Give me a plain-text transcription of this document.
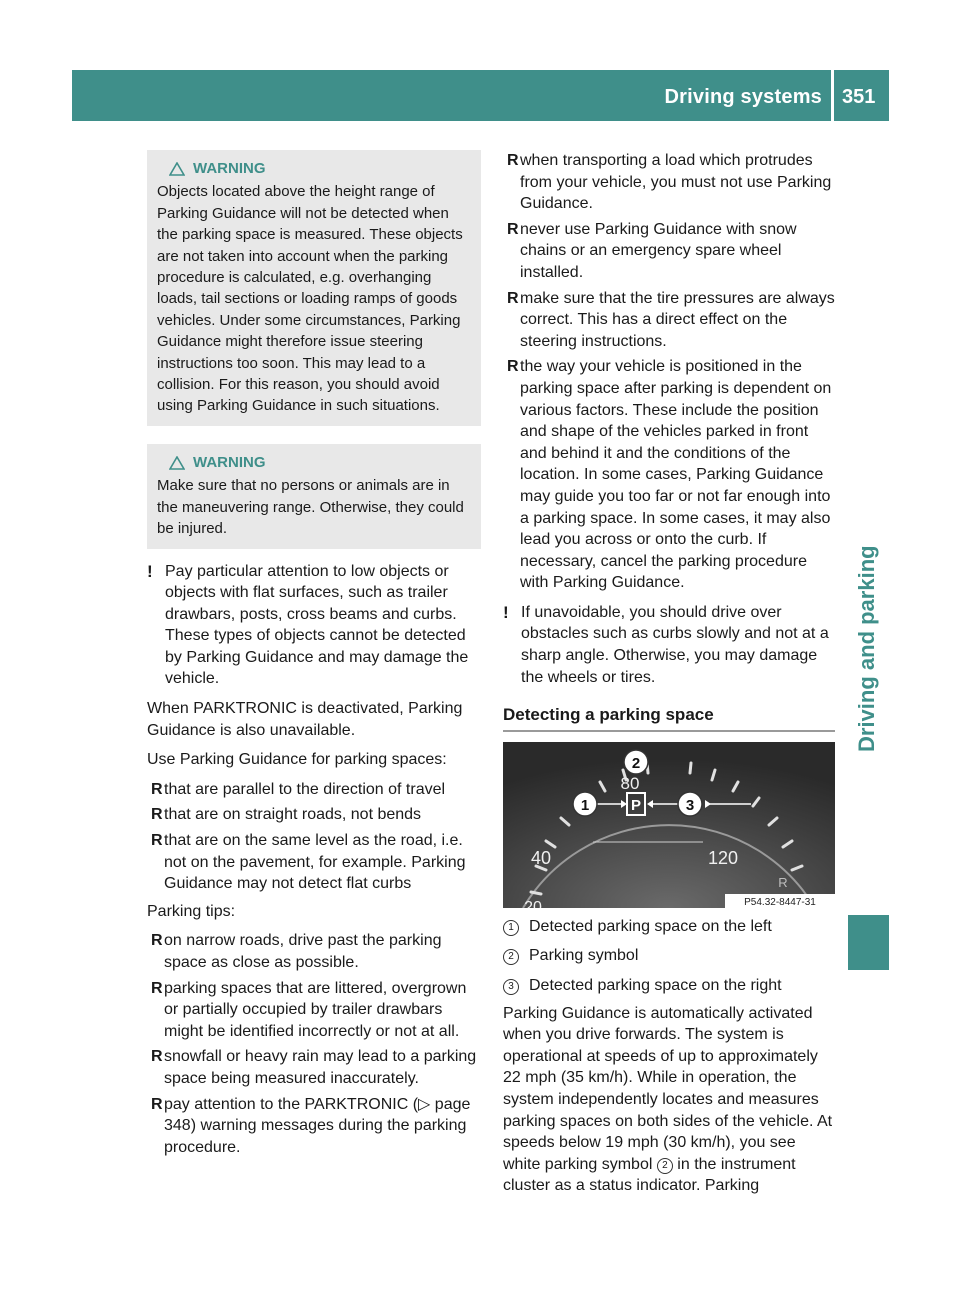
Driving systems 351
Driving and parking
WARNING
Objects located above the height range of Parking Guidance will not be detected when the parking space is measured. These objects are not taken into account when the parking procedure is calculated, e.g. overhanging loads, tail sections or loading ramps of goods vehicles. Under some circumstances, Parking Guidance might therefore issue steering instructions too soon. This may lead to a collision. For this reason, you should avoid using Parking Guidance in such situations.
WARNING
Make sure that no persons or animals are in the maneuvering range. Otherwise, they could be injured.
! Pay particular attention to low objects or objects with flat surfaces, such as trailer drawbars, posts, cross beams and curbs. These types of objects cannot be detected by Parking Guidance and may damage the vehicle.

When PARKTRONIC is deactivated, Parking Guidance is also unavailable.

Use Parking Guidance for parking spaces:

R that are parallel to the direction of travel
R that are on straight roads, not bends
R that are on the same level as the road, i.e. not on the pavement, for example. Parking Guidance may not detect flat curbs

Parking tips:

R on narrow roads, drive past the parking space as close as possible.
R parking spaces that are littered, overgrown or partially occupied by trailer drawbars might be identified incorrectly or not at all.
R snowfall or heavy rain may lead to a parking space being measured inaccurately.
R pay attention to the PARKTRONIC (▷ page 348) warning messages during the parking procedure.
R when transporting a load which protrudes from your vehicle, you must not use Parking Guidance.
R never use Parking Guidance with snow chains or an emergency spare wheel installed.
R make sure that the tire pressures are always correct. This has a direct effect on the steering instructions.
R the way your vehicle is positioned in the parking space after parking is dependent on various factors. These include the position and shape of the vehicles parked in front and behind it and the conditions of the location. In some cases, Parking Guidance may guide you too far or not far enough into a parking space. In some cases, it may also lead you across or onto the curb. If necessary, cancel the parking procedure with Parking Guidance.
! If unavoidable, you should drive over obstacles such as curbs slowly and not at a sharp angle. Otherwise, you may damage the wheels or tires.
Detecting a parking space
P
80
40	120
20
R
1
2
3
P54.32-8447-31
1 Detected parking space on the left
2 Parking symbol
3 Detected parking space on the right

Parking Guidance is automatically activated when you drive forwards. The system is operational at speeds of up to approximately 22 mph (35 km/h). While in operation, the system independently locates and measures parking spaces on both sides of the vehicle. At speeds below 19 mph (30 km/h), you see white parking symbol 2 in the instrument cluster as a status indicator. Parking
